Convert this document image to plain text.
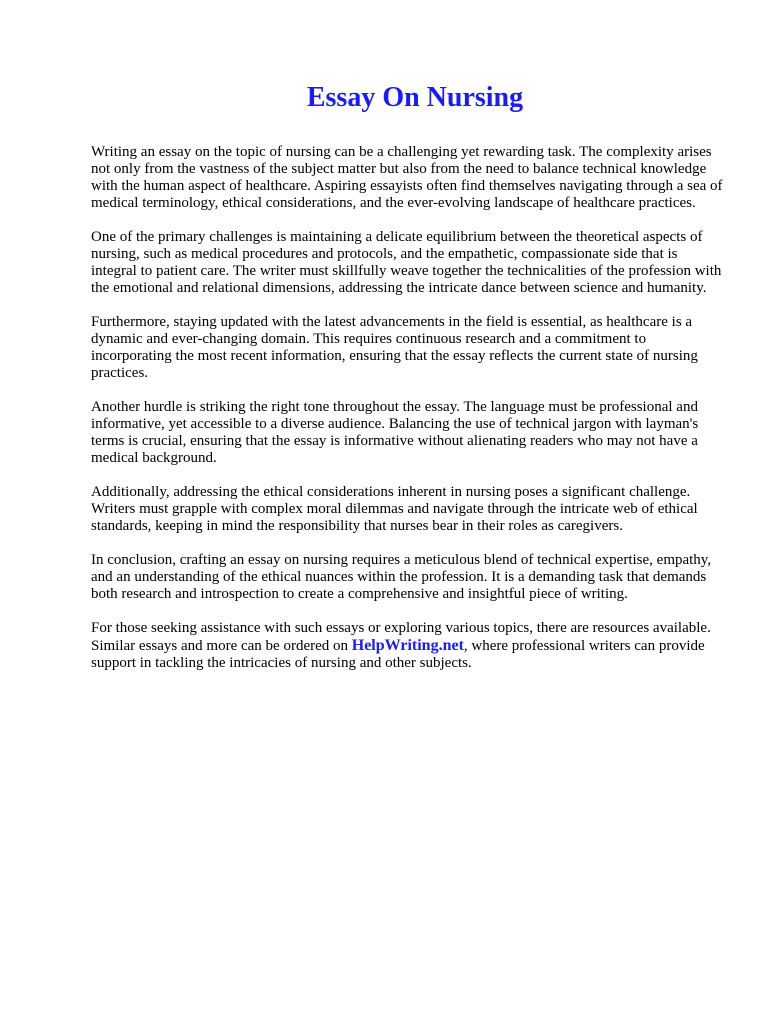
Essay On Nursing

Writing an essay on the topic of nursing can be a challenging yet rewarding task. The complexity arises not only from the vastness of the subject matter but also from the need to balance technical knowledge with the human aspect of healthcare. Aspiring essayists often find themselves navigating through a sea of medical terminology, ethical considerations, and the ever-evolving landscape of healthcare practices.

One of the primary challenges is maintaining a delicate equilibrium between the theoretical aspects of nursing, such as medical procedures and protocols, and the empathetic, compassionate side that is integral to patient care. The writer must skillfully weave together the technicalities of the profession with the emotional and relational dimensions, addressing the intricate dance between science and humanity.

Furthermore, staying updated with the latest advancements in the field is essential, as healthcare is a dynamic and ever-changing domain. This requires continuous research and a commitment to incorporating the most recent information, ensuring that the essay reflects the current state of nursing practices.

Another hurdle is striking the right tone throughout the essay. The language must be professional and informative, yet accessible to a diverse audience. Balancing the use of technical jargon with layman's terms is crucial, ensuring that the essay is informative without alienating readers who may not have a medical background.

Additionally, addressing the ethical considerations inherent in nursing poses a significant challenge. Writers must grapple with complex moral dilemmas and navigate through the intricate web of ethical standards, keeping in mind the responsibility that nurses bear in their roles as caregivers.

In conclusion, crafting an essay on nursing requires a meticulous blend of technical expertise, empathy, and an understanding of the ethical nuances within the profession. It is a demanding task that demands both research and introspection to create a comprehensive and insightful piece of writing.

For those seeking assistance with such essays or exploring various topics, there are resources available. Similar essays and more can be ordered on HelpWriting.net, where professional writers can provide support in tackling the intricacies of nursing and other subjects.
